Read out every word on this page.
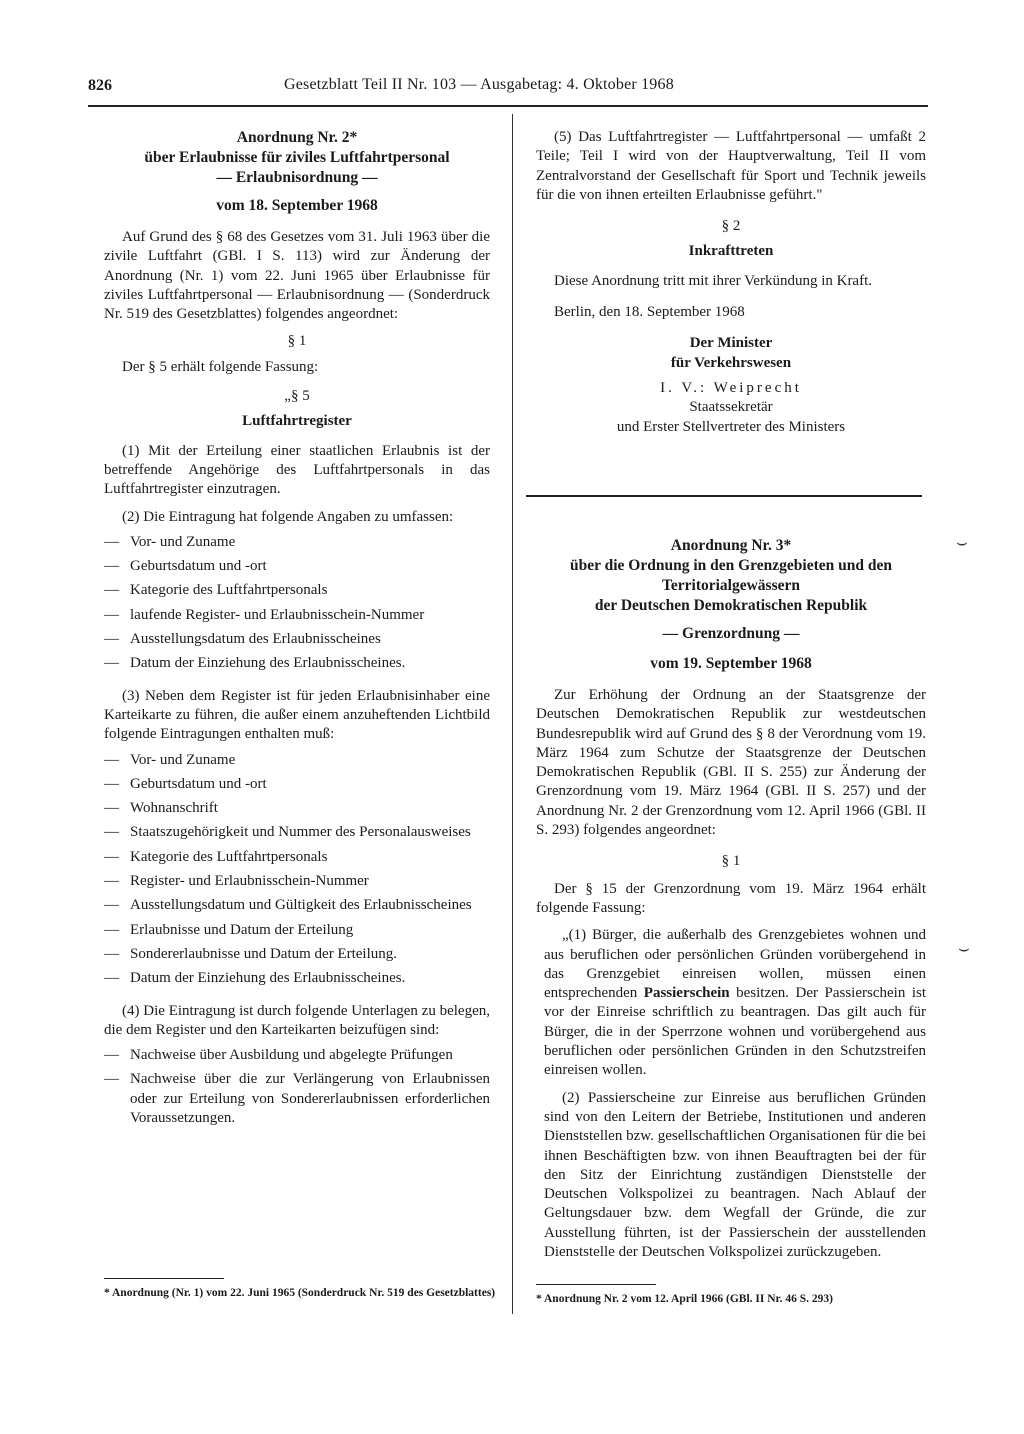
826	Gesetzblatt Teil II Nr. 103 — Ausgabetag: 4. Oktober 1968
Anordnung Nr. 2*
über Erlaubnisse für ziviles Luftfahrtpersonal
— Erlaubnisordnung —
vom 18. September 1968

Auf Grund des § 68 des Gesetzes vom 31. Juli 1963 über die zivile Luftfahrt (GBl. I S. 113) wird zur Änderung der Anordnung (Nr. 1) vom 22. Juni 1965 über Erlaubnisse für ziviles Luftfahrtpersonal — Erlaubnisordnung — (Sonderdruck Nr. 519 des Gesetzblattes) folgendes angeordnet:

§ 1

Der § 5 erhält folgende Fassung:

„§ 5
Luftfahrtregister

(1) Mit der Erteilung einer staatlichen Erlaubnis ist der betreffende Angehörige des Luftfahrtpersonals in das Luftfahrtregister einzutragen.

(2) Die Eintragung hat folgende Angaben zu umfassen:

— Vor- und Zuname
— Geburtsdatum und -ort
— Kategorie des Luftfahrtpersonals
— laufende Register- und Erlaubnisschein-Nummer
— Ausstellungsdatum des Erlaubnisscheines
— Datum der Einziehung des Erlaubnisscheines.

(3) Neben dem Register ist für jeden Erlaubnisinhaber eine Karteikarte zu führen, die außer einem anzuheftenden Lichtbild folgende Eintragungen enthalten muß:

— Vor- und Zuname
— Geburtsdatum und -ort
— Wohnanschrift
— Staatszugehörigkeit und Nummer des Personalausweises
— Kategorie des Luftfahrtpersonals
— Register- und Erlaubnisschein-Nummer
— Ausstellungsdatum und Gültigkeit des Erlaubnisscheines
— Erlaubnisse und Datum der Erteilung
— Sondererlaubnisse und Datum der Erteilung.
— Datum der Einziehung des Erlaubnisscheines.

(4) Die Eintragung ist durch folgende Unterlagen zu belegen, die dem Register und den Karteikarten beizufügen sind:

— Nachweise über Ausbildung und abgelegte Prüfungen
— Nachweise über die zur Verlängerung von Erlaubnissen oder zur Erteilung von Sondererlaubnissen erforderlichen Voraussetzungen.
* Anordnung (Nr. 1) vom 22. Juni 1965 (Sonderdruck Nr. 519 des Gesetzblattes)

(5) Das Luftfahrtregister — Luftfahrtpersonal — umfaßt 2 Teile; Teil I wird von der Hauptverwaltung, Teil II vom Zentralvorstand der Gesellschaft für Sport und Technik jeweils für die von ihnen erteilten Erlaubnisse geführt."

§ 2
Inkrafttreten

Diese Anordnung tritt mit ihrer Verkündung in Kraft.

Berlin, den 18. September 1968

Der Minister
für Verkehrswesen
I. V.: Weiprecht
Staatssekretär
und Erster Stellvertreter des Ministers
Anordnung Nr. 3*
über die Ordnung in den Grenzgebieten und den
Territorialgewässern
der Deutschen Demokratischen Republik
— Grenzordnung —
vom 19. September 1968

Zur Erhöhung der Ordnung an der Staatsgrenze der Deutschen Demokratischen Republik zur westdeutschen Bundesrepublik wird auf Grund des § 8 der Verordnung vom 19. März 1964 zum Schutze der Staatsgrenze der Deutschen Demokratischen Republik (GBl. II S. 255) zur Änderung der Grenzordnung vom 19. März 1964 (GBl. II S. 257) und der Anordnung Nr. 2 der Grenzordnung vom 12. April 1966 (GBl. II S. 293) folgendes angeordnet:

§ 1

Der § 15 der Grenzordnung vom 19. März 1964 erhält folgende Fassung:

„(1) Bürger, die außerhalb des Grenzgebietes wohnen und aus beruflichen oder persönlichen Gründen vorübergehend in das Grenzgebiet einreisen wollen, müssen einen entsprechenden Passierschein besitzen. Der Passierschein ist vor der Einreise schriftlich zu beantragen. Das gilt auch für Bürger, die in der Sperrzone wohnen und vorübergehend aus beruflichen oder persönlichen Gründen in den Schutzstreifen einreisen wollen.

(2) Passierscheine zur Einreise aus beruflichen Gründen sind von den Leitern der Betriebe, Institutionen und anderen Dienststellen bzw. gesellschaftlichen Organisationen für die bei ihnen Beschäftigten bzw. von ihnen Beauftragten bei der für den Sitz der Einrichtung zuständigen Dienststelle der Deutschen Volkspolizei zu beantragen. Nach Ablauf der Geltungsdauer bzw. dem Wegfall der Gründe, die zur Ausstellung führten, ist der Passierschein der ausstellenden Dienststelle der Deutschen Volkspolizei zurückzugeben.

* Anordnung Nr. 2 vom 12. April 1966 (GBl. II Nr. 46 S. 293)
⌣
⌣
